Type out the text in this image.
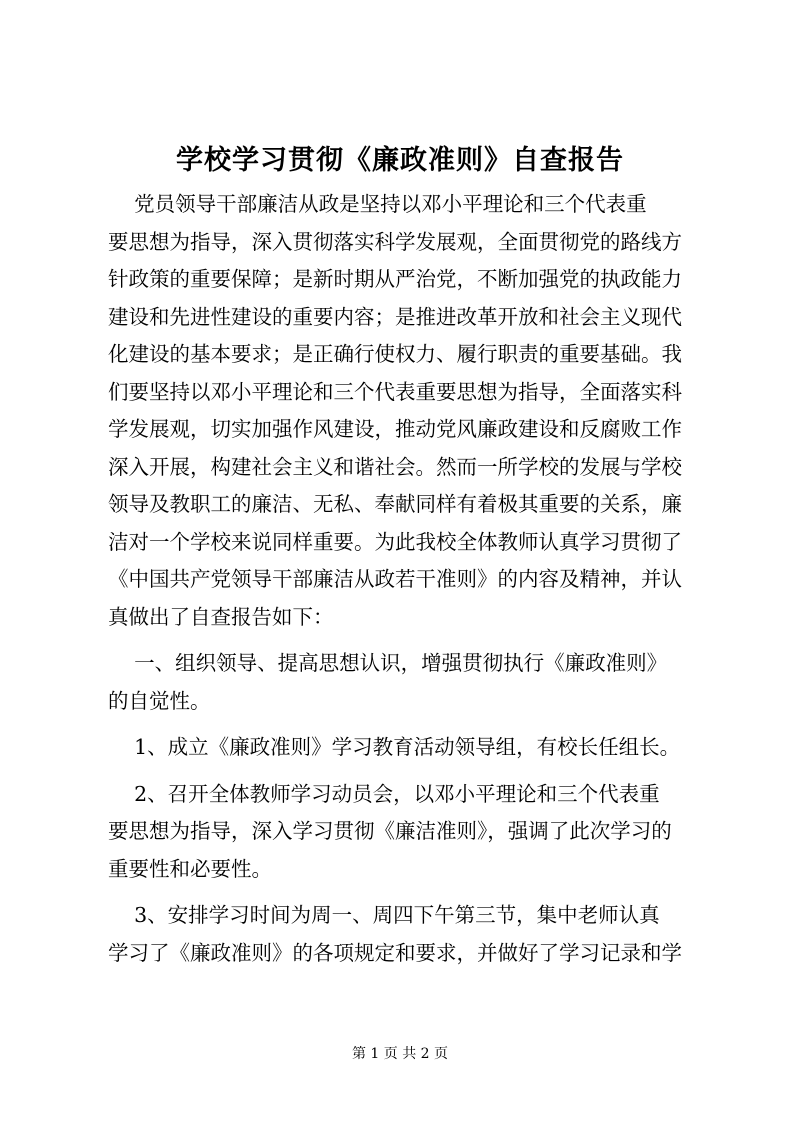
学校学习贯彻《廉政准则》自查报告
党员领导干部廉洁从政是坚持以邓小平理论和三个代表重
要思想为指导，深入贯彻落实科学发展观，全面贯彻党的路线方
针政策的重要保障；是新时期从严治党，不断加强党的执政能力
建设和先进性建设的重要内容；是推进改革开放和社会主义现代
化建设的基本要求；是正确行使权力、履行职责的重要基础。我
们要坚持以邓小平理论和三个代表重要思想为指导，全面落实科
学发展观，切实加强作风建设，推动党风廉政建设和反腐败工作
深入开展，构建社会主义和谐社会。然而一所学校的发展与学校
领导及教职工的廉洁、无私、奉献同样有着极其重要的关系，廉
洁对一个学校来说同样重要。为此我校全体教师认真学习贯彻了
《中国共产党领导干部廉洁从政若干准则》的内容及精神，并认
真做出了自查报告如下：
一、组织领导、提高思想认识，增强贯彻执行《廉政准则》
的自觉性。
1、成立《廉政准则》学习教育活动领导组，有校长任组长。
2、召开全体教师学习动员会，以邓小平理论和三个代表重
要思想为指导，深入学习贯彻《廉洁准则》，强调了此次学习的
重要性和必要性。
3、安排学习时间为周一、周四下午第三节，集中老师认真
学习了《廉政准则》的各项规定和要求，并做好了学习记录和学
第 1 页 共 2 页
